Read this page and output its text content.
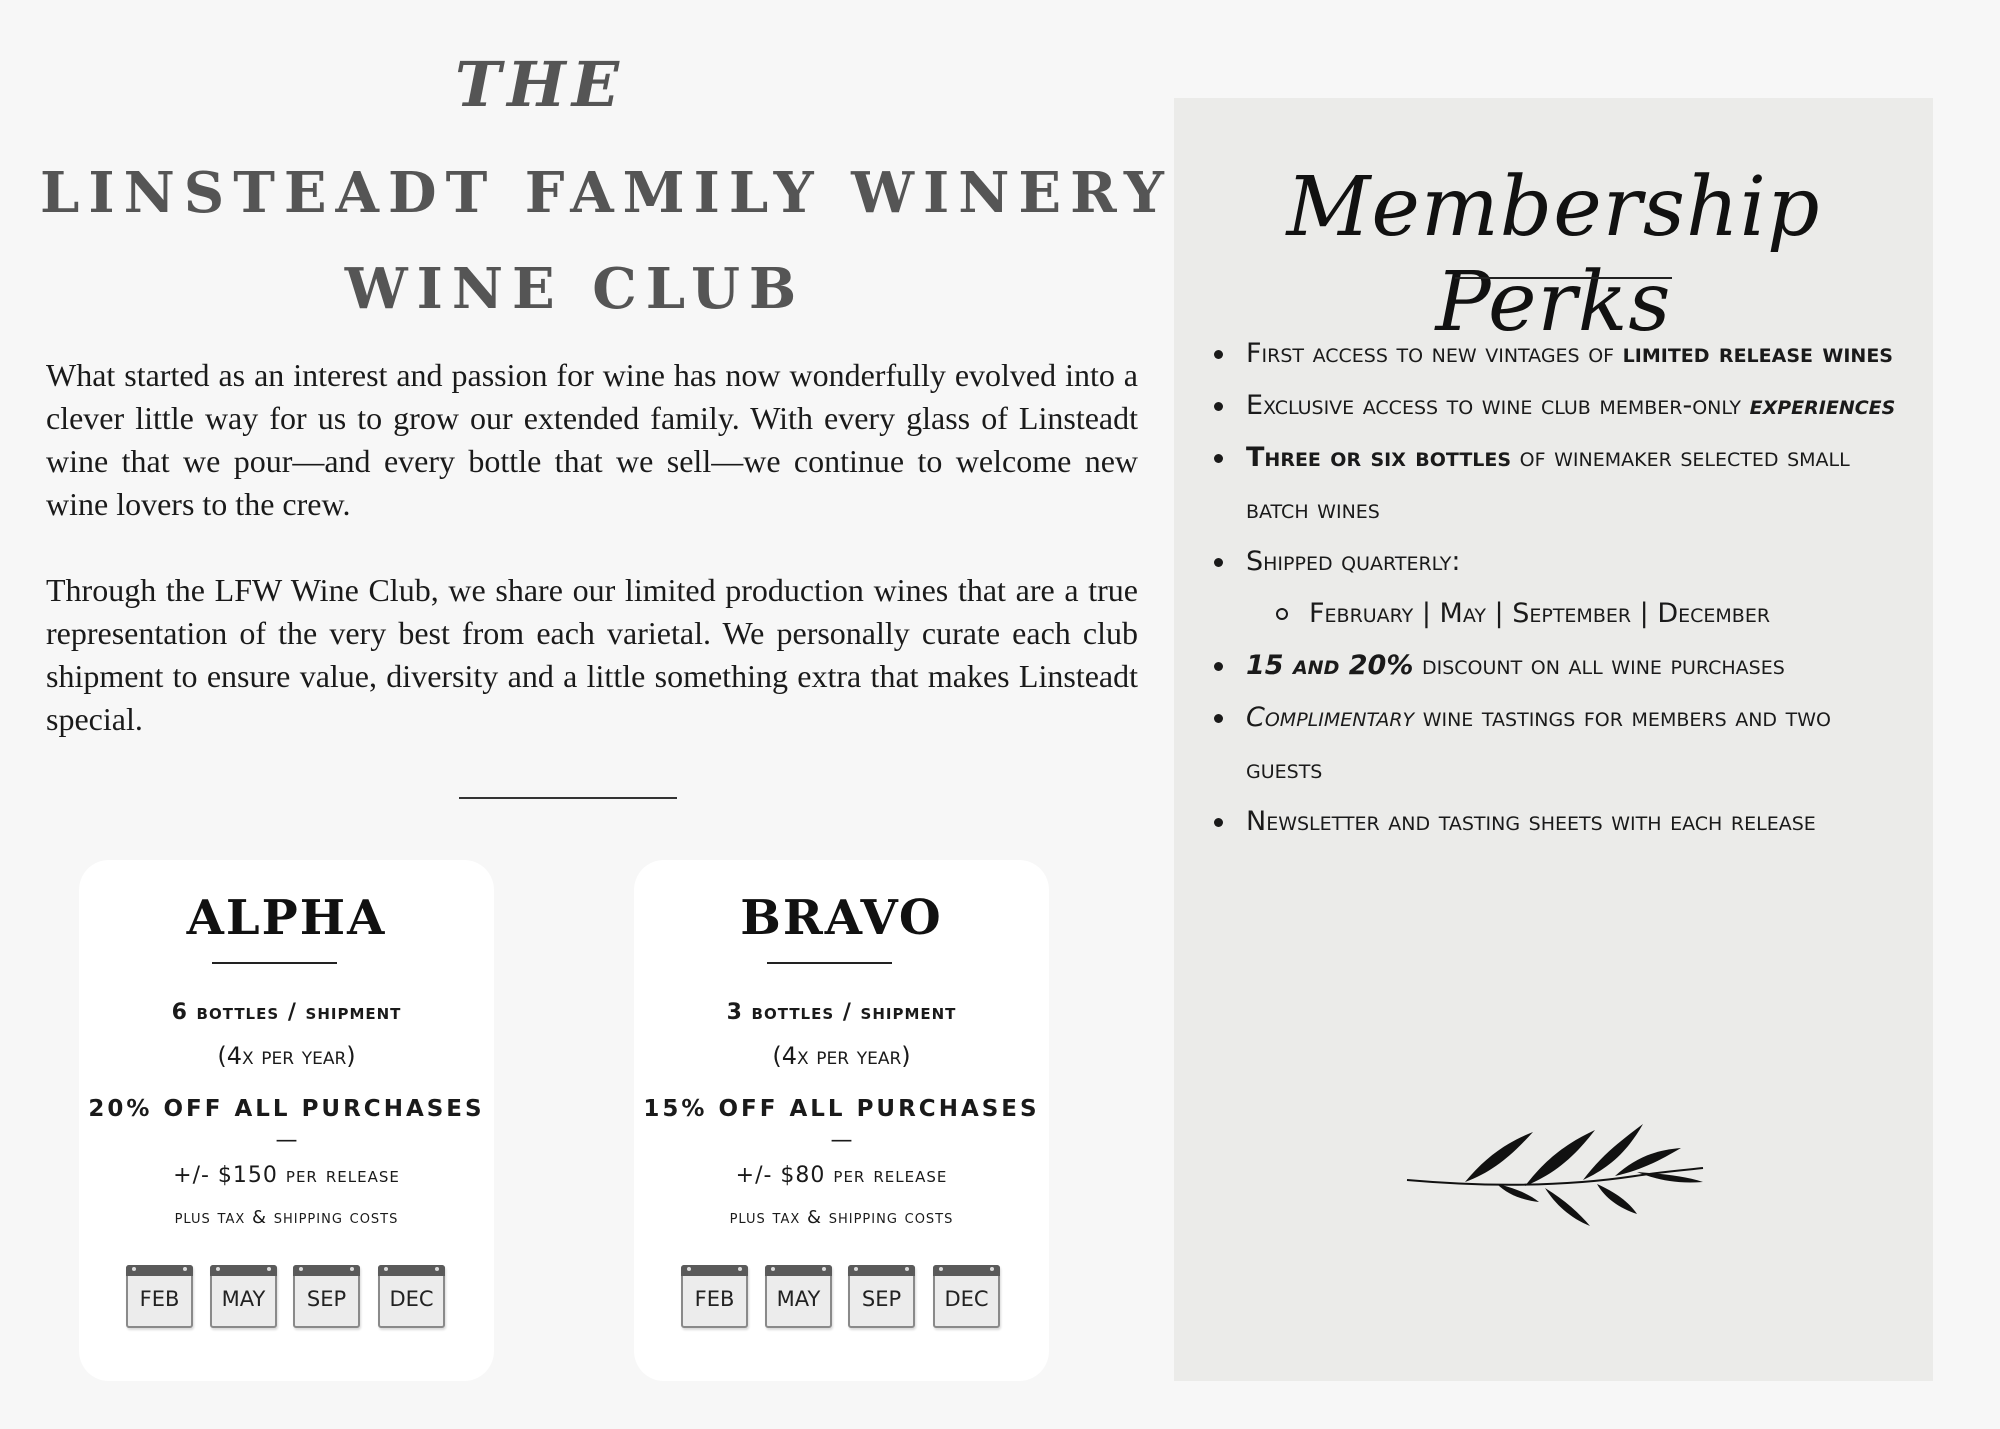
THE
LINSTEADT FAMILY WINERY
WINE CLUB

What started as an interest and passion for wine has now wonderfully evolved into a clever little way for us to grow our extended family. With every glass of Linsteadt wine that we pour—and every bottle that we sell—we continue to welcome new wine lovers to the crew.

Through the LFW Wine Club, we share our limited production wines that are a true representation of the very best from each varietal. We personally curate each club shipment to ensure value, diversity and a little something extra that makes Linsteadt special.

ALPHA
6 bottles / shipment
(4x per year)
20% OFF ALL PURCHASES
—
+/- $150 per release
plus tax & shipping costs
FEB	MAY	SEP	DEC
BRAVO
3 bottles / shipment
(4x per year)
15% OFF ALL PURCHASES
—
+/- $80 per release
plus tax & shipping costs
FEB	MAY	SEP	DEC
Membership Perks
First access to new vintages of limited release wines
Exclusive access to wine club member-only experiences
Three or six bottles of winemaker selected small batch wines
Shipped quarterly:
February | May | September | December
15 and 20% discount on all wine purchases
Complimentary wine tastings for members and two guests
Newsletter and tasting sheets with each release
